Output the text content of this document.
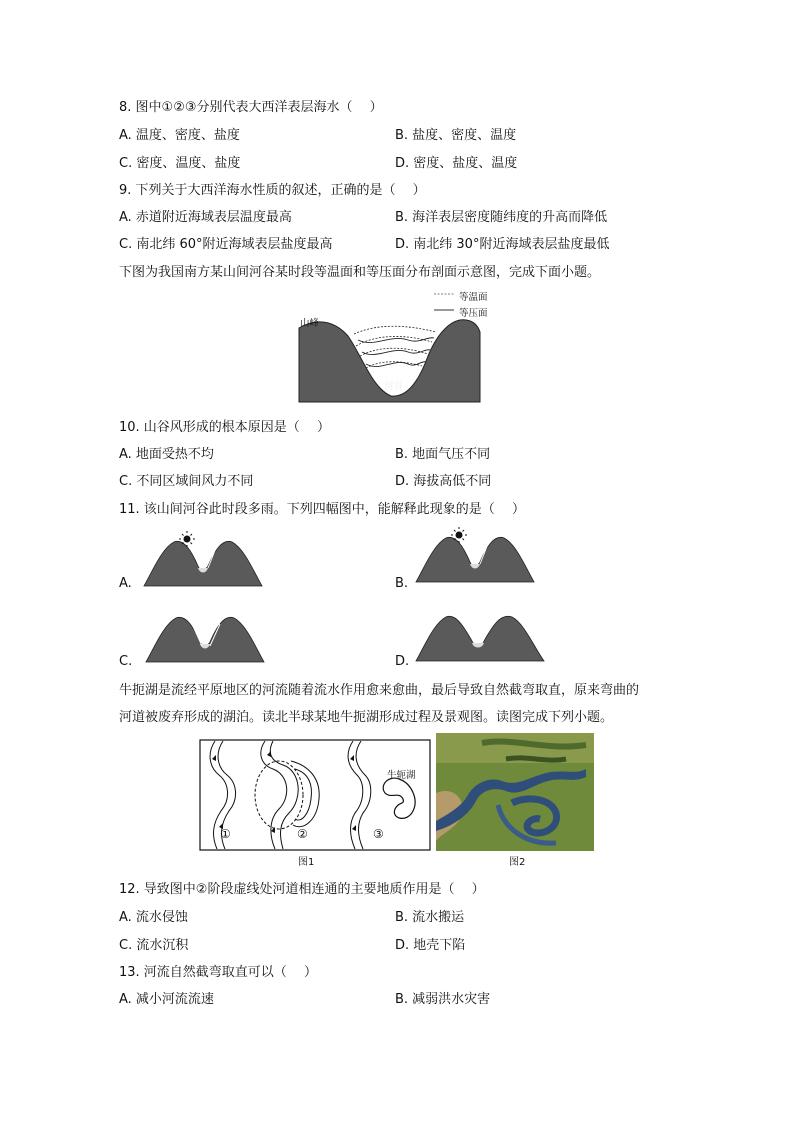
8. 图中①②③分别代表大西洋表层海水（　 ）
A. 温度、密度、盐度	B. 盐度、密度、温度
C. 密度、温度、盐度	D. 密度、盐度、温度
9. 下列关于大西洋海水性质的叙述，正确的是（　 ）
A. 赤道附近海域表层温度最高	B. 海洋表层密度随纬度的升高而降低
C. 南北纬 60°附近海域表层盐度最高	D. 南北纬 30°附近海域表层盐度最低
下图为我国南方某山间河谷某时段等温面和等压面分布剖面示意图，完成下面小题。
等温面
等压面
山峰
河谷
10. 山谷风形成的根本原因是（　 ）
A. 地面受热不均	B. 地面气压不同
C. 不同区域间风力不同	D. 海拔高低不同
11. 该山间河谷此时段多雨。下列四幅图中，能解释此现象的是（　 ）
A.	B.
C.	D.
牛扼湖是流经平原地区的河流随着流水作用愈来愈曲，最后导致自然截弯取直，原来弯曲的
河道被废弃形成的湖泊。读北半球某地牛扼湖形成过程及景观图。读图完成下列小题。
①	②	③
牛轭湖
图1	图2
12. 导致图中②阶段虚线处河道相连通的主要地质作用是（　 ）
A. 流水侵蚀	B. 流水搬运
C. 流水沉积	D. 地壳下陷
13. 河流自然截弯取直可以（　 ）
A. 减小河流流速	B. 减弱洪水灾害
